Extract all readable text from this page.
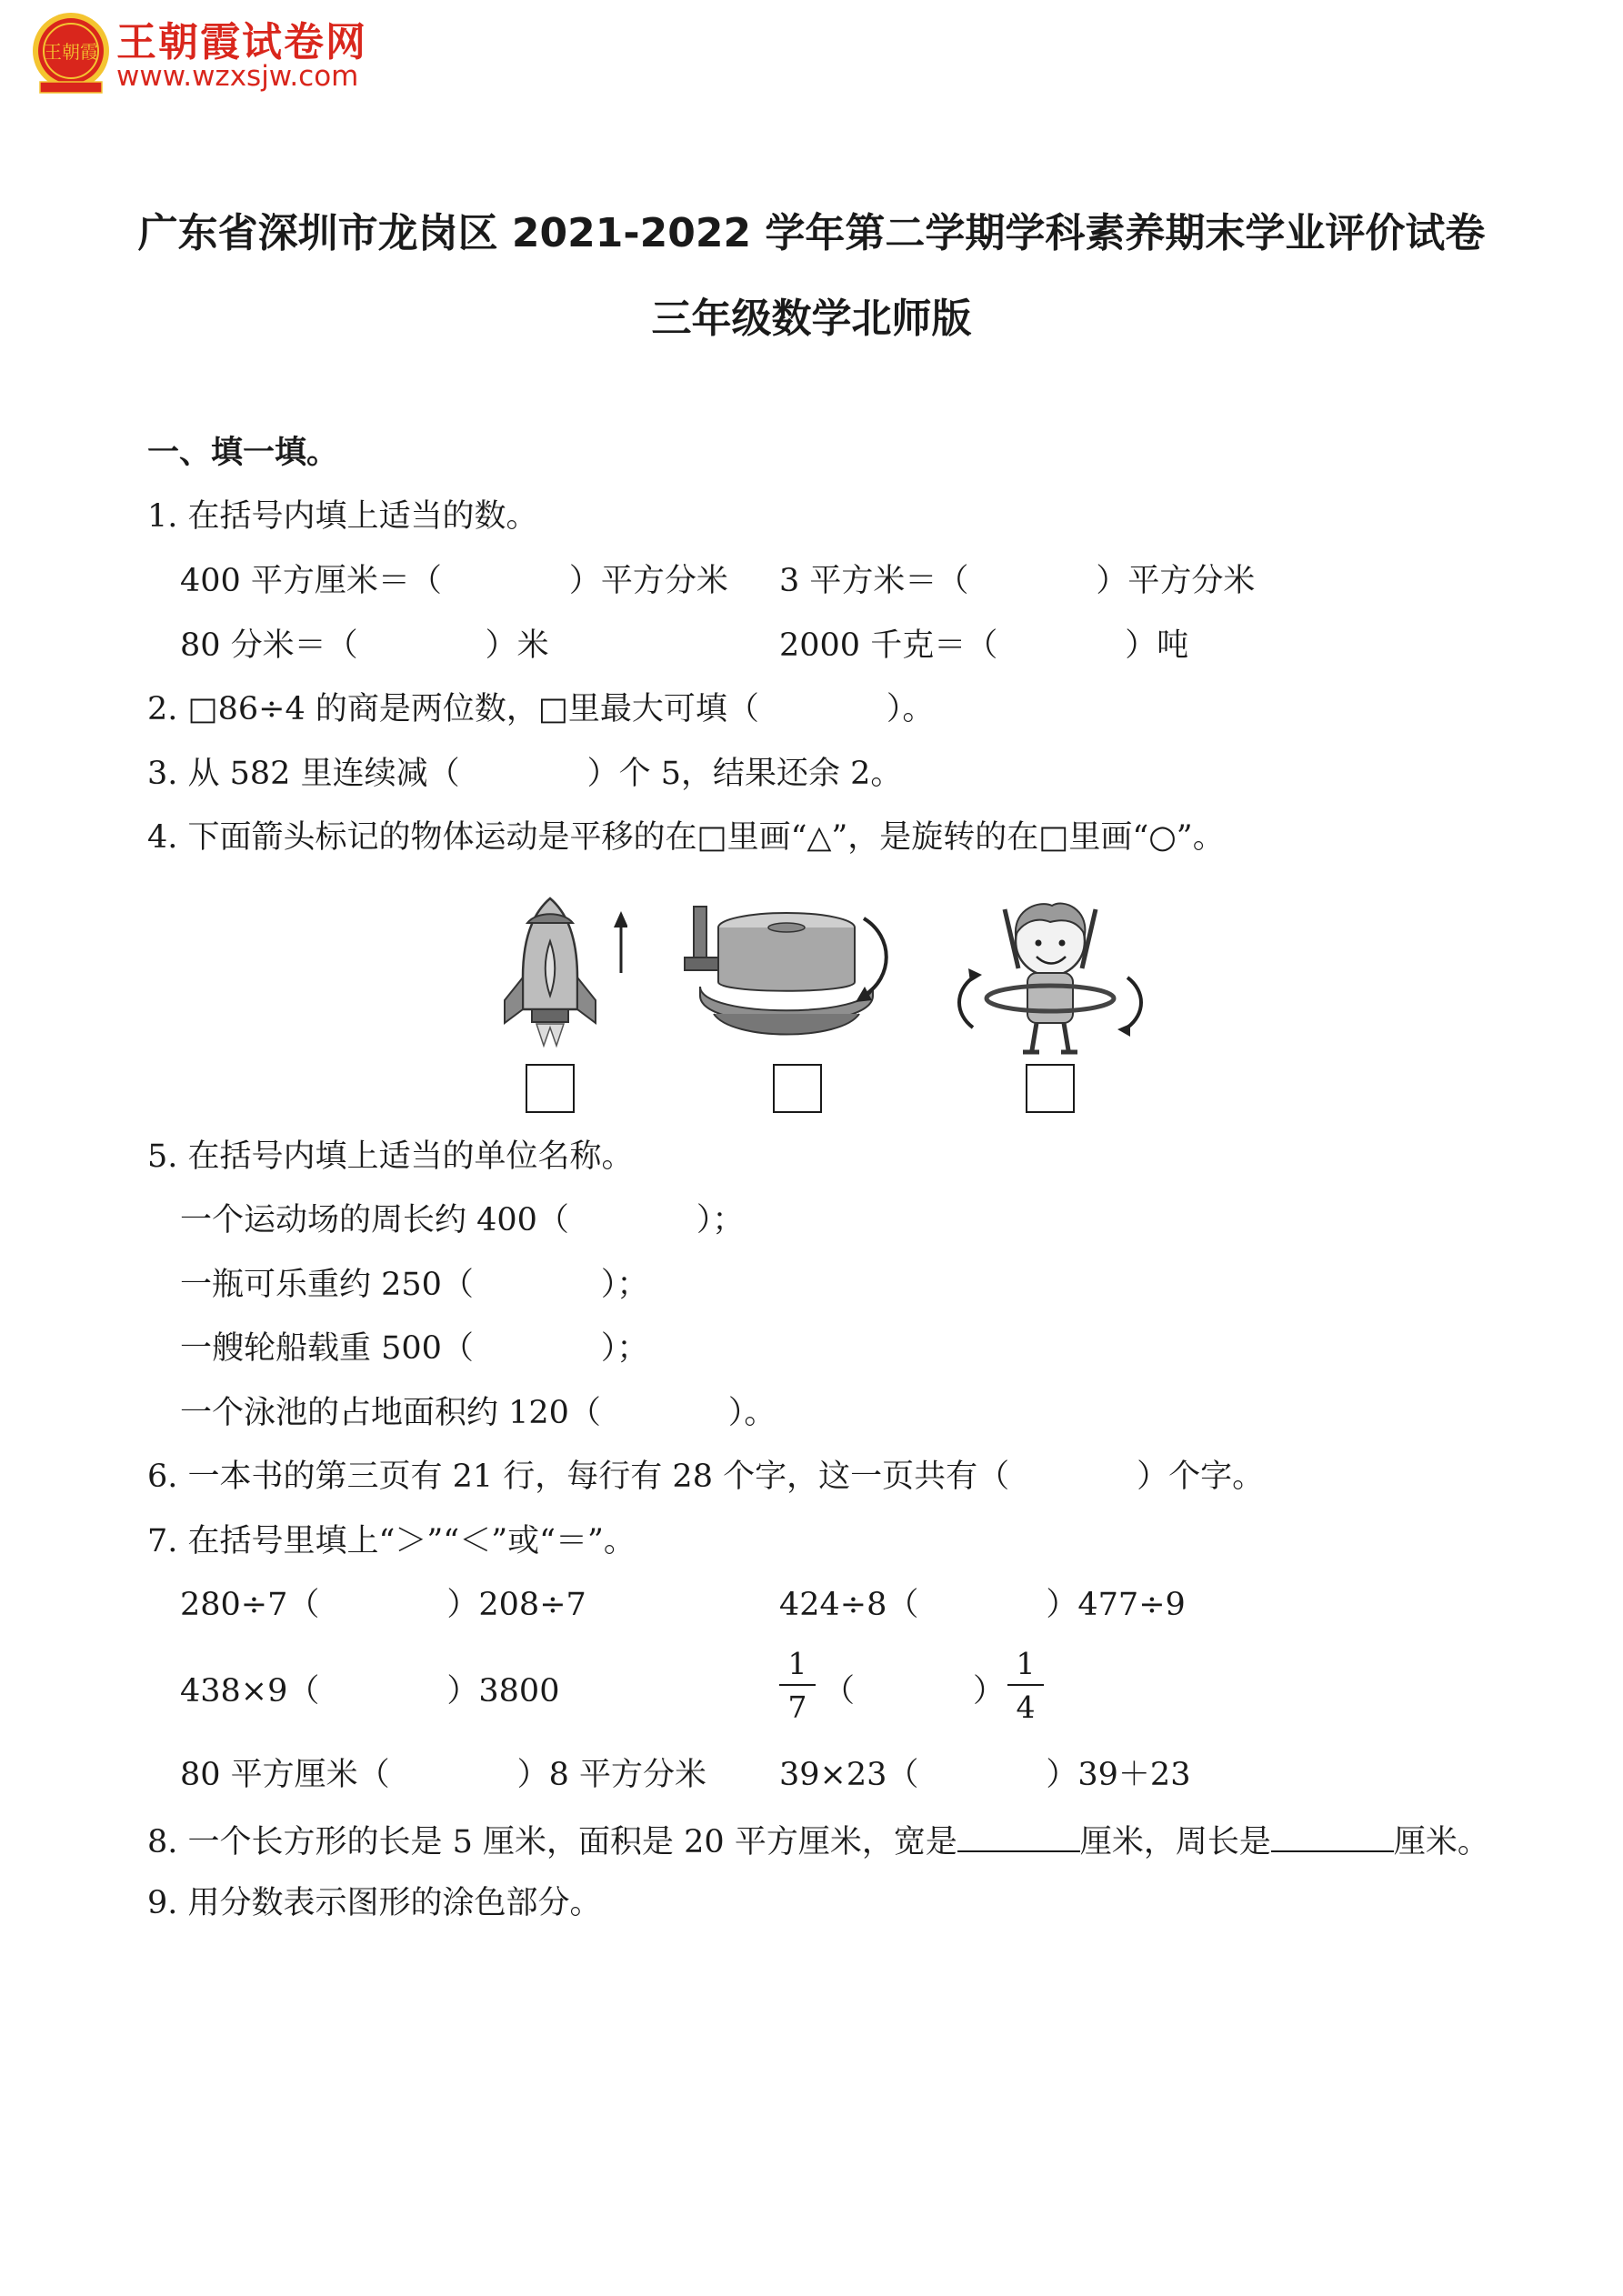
王朝霞 王朝霞试卷网
www.wzxsjw.com
广东省深圳市龙岗区 2021-2022 学年第二学期学科素养期末学业评价试卷
三年级数学北师版
一、填一填。
1. 在括号内填上适当的数。
400 平方厘米＝（　　　　）平方分米 3 平方米＝（　　　　）平方分米
80 分米＝（　　　　）米	2000 千克＝（　　　　）吨
2. □86÷4 的商是两位数，□里最大可填（　　　　）。
3. 从 582 里连续减（　　　　）个 5，结果还余 2。
4. 下面箭头标记的物体运动是平移的在□里画“△”，是旋转的在□里画“○”。
5. 在括号内填上适当的单位名称。
一个运动场的周长约 400（　　　　）；
一瓶可乐重约 250（　　　　）；
一艘轮船载重 500（　　　　）；
一个泳池的占地面积约 120（　　　　）。
6. 一本书的第三页有 21 行，每行有 28 个字，这一页共有（　　　　）个字。
7. 在括号里填上“＞”“＜”或“＝”。
280÷7（　　　　）208÷7	424÷8（　　　　）477÷9
438×9（　　　　）3800	$\frac{1}{7}$ （	） $\frac{1}{4}$
80 平方厘米（　　　　）8 平方分米 39×23（　　　　）39＋23
8. 一个长方形的长是 5 厘米，面积是 20 平方厘米，宽是	厘米，周长是	厘米。
9. 用分数表示图形的涂色部分。
